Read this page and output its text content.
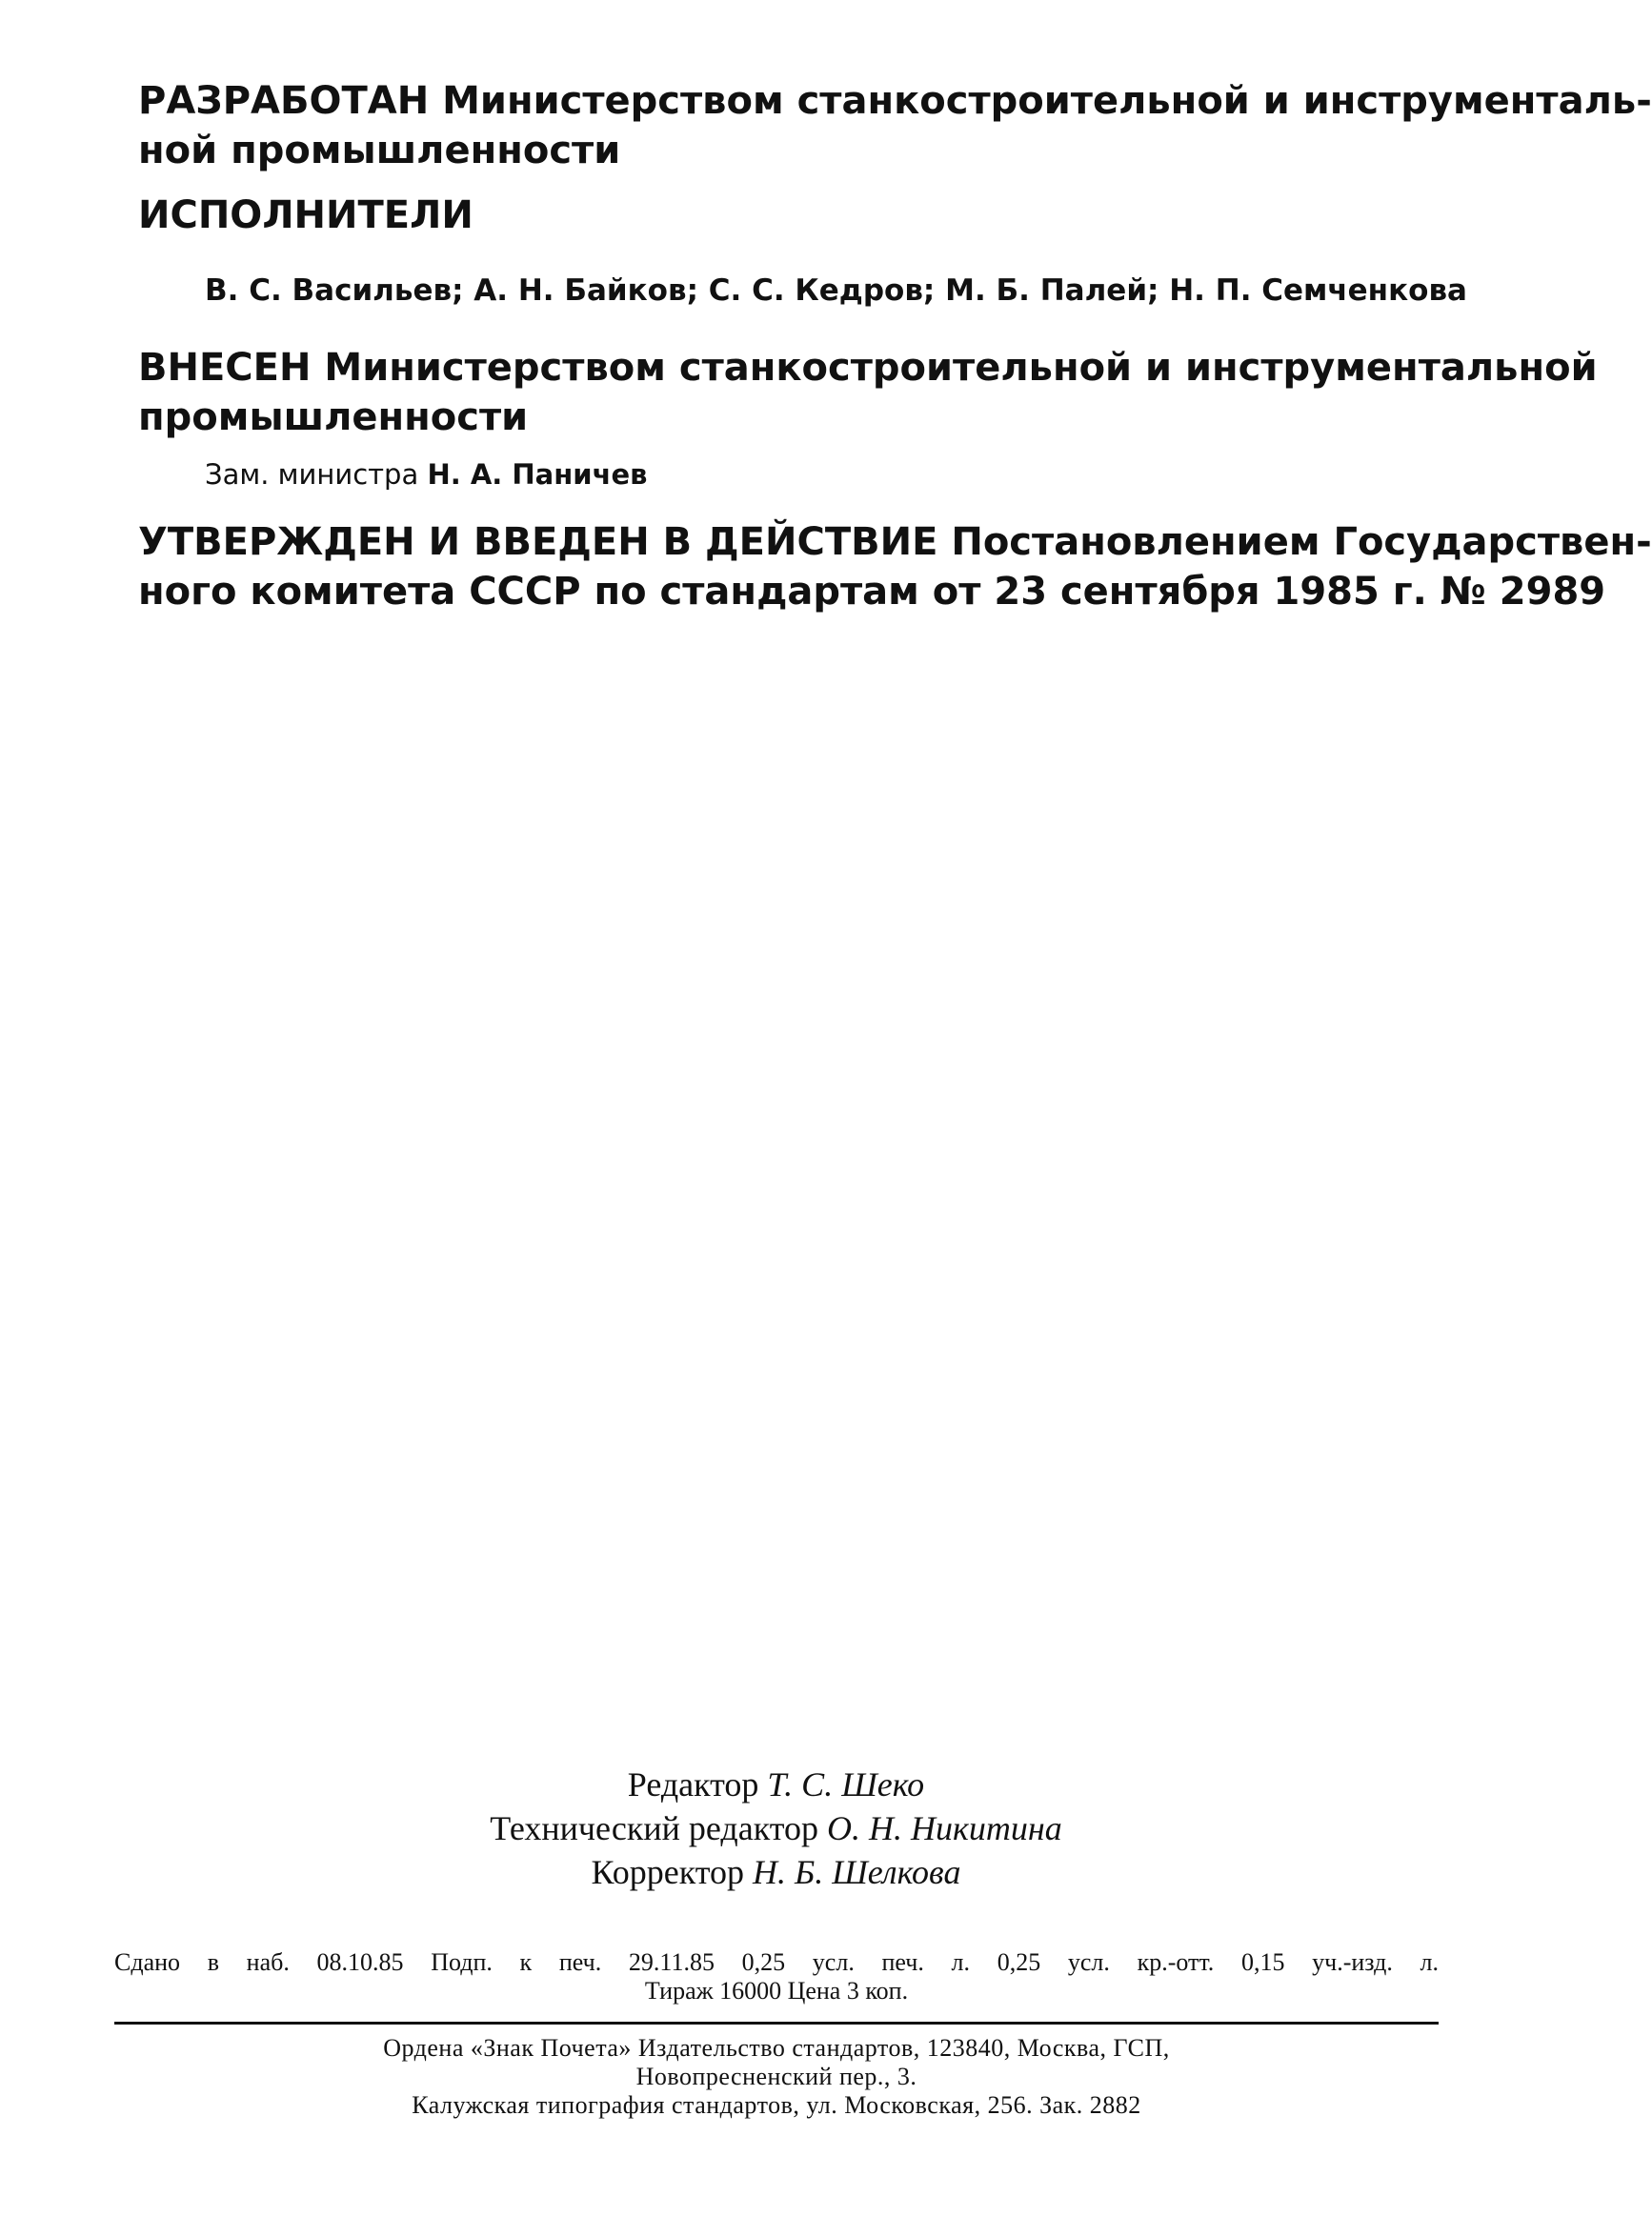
РАЗРАБОТАН Министерством станкостроительной и инструменталь-

ной промышленности

ИСПОЛНИТЕЛИ

В. С. Васильев; А. Н. Байков; С. С. Кедров; М. Б. Палей; Н. П. Семченкова

ВНЕСЕН Министерством станкостроительной и инструментальной

промышленности

Зам. министра Н. А. Паничев

УТВЕРЖДЕН И ВВЕДЕН В ДЕЙСТВИЕ Постановлением Государствен-

ного комитета СССР по стандартам от 23 сентября 1985 г. № 2989

Редактор Т. С. Шеко
Технический редактор О. Н. Никитина
Корректор Н. Б. Шелкова
Сдано в наб. 08.10.85 Подп. к печ. 29.11.85 0,25 усл. печ. л. 0,25 усл. кр.-отт. 0,15 уч.-изд. л.
Тираж 16000 Цена 3 коп.
Ордена «Знак Почета» Издательство стандартов, 123840, Москва, ГСП,
Новопресненский пер., 3.
Калужская типография стандартов, ул. Московская, 256. Зак. 2882
